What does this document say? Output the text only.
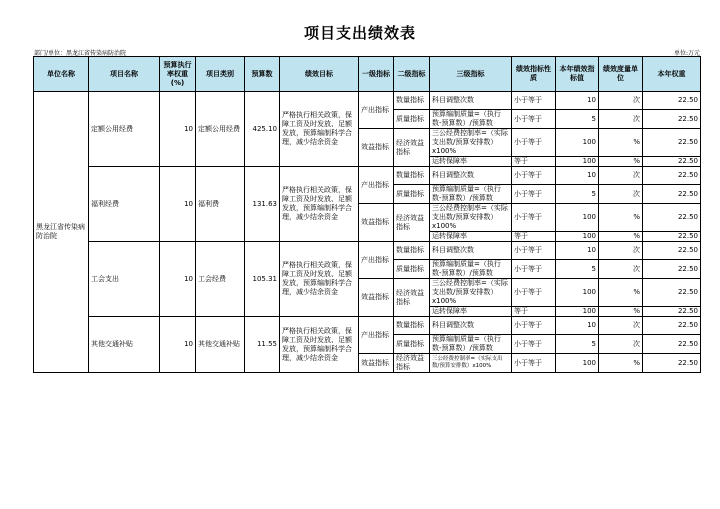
项目支出绩效表
部门/单位：黑龙江省传染病防治院	单位:万元
单位名称	项目名称	预算执行率权重(%)	项目类别	预算数	绩效目标	一级指标	二级指标	三级指标	绩效指标性质	本年绩效指标值	绩效度量单位	本年权重
黑龙江省传染病防治院	定额公用经费	10	定额公用经费	425.10	严格执行相关政策，保障工资及时发放、足额发放，预算编制科学合理，减少结余资金	产出指标	数量指标	科目调整次数	小于等于	10	次	22.50
							质量指标	预算编制质量=（执行数-预算数）/预算数	小于等于	5	次	22.50
						效益指标	经济效益指标	三公经费控制率=（实际支出数/预算安排数）x100%	小于等于	100	%	22.50
								运转保障率	等于	100	%	22.50
	福利经费	10	福利费	131.63	严格执行相关政策，保障工资及时发放、足额发放，预算编制科学合理，减少结余资金	产出指标	数量指标	科目调整次数	小于等于	10	次	22.50
							质量指标	预算编制质量=（执行数-预算数）/预算数	小于等于	5	次	22.50
						效益指标	经济效益指标	三公经费控制率=（实际支出数/预算安排数）x100%	小于等于	100	%	22.50
								运转保障率	等于	100	%	22.50
	工会支出	10	工会经费	105.31	严格执行相关政策，保障工资及时发放、足额发放，预算编制科学合理，减少结余资金	产出指标	数量指标	科目调整次数	小于等于	10	次	22.50
							质量指标	预算编制质量=（执行数-预算数）/预算数	小于等于	5	次	22.50
						效益指标	经济效益指标	三公经费控制率=（实际支出数/预算安排数）x100%	小于等于	100	%	22.50
								运转保障率	等于	100	%	22.50
	其他交通补贴	10	其他交通补贴	11.55	严格执行相关政策，保障工资及时发放、足额发放，预算编制科学合理，减少结余资金	产出指标	数量指标	科目调整次数	小于等于	10	次	22.50
							质量指标	预算编制质量=（执行数-预算数）/预算数	小于等于	5	次	22.50
						效益指标	经济效益指标	三公经费控制率=（实际支出数/预算安排数）x100%	小于等于	100	%	22.50
